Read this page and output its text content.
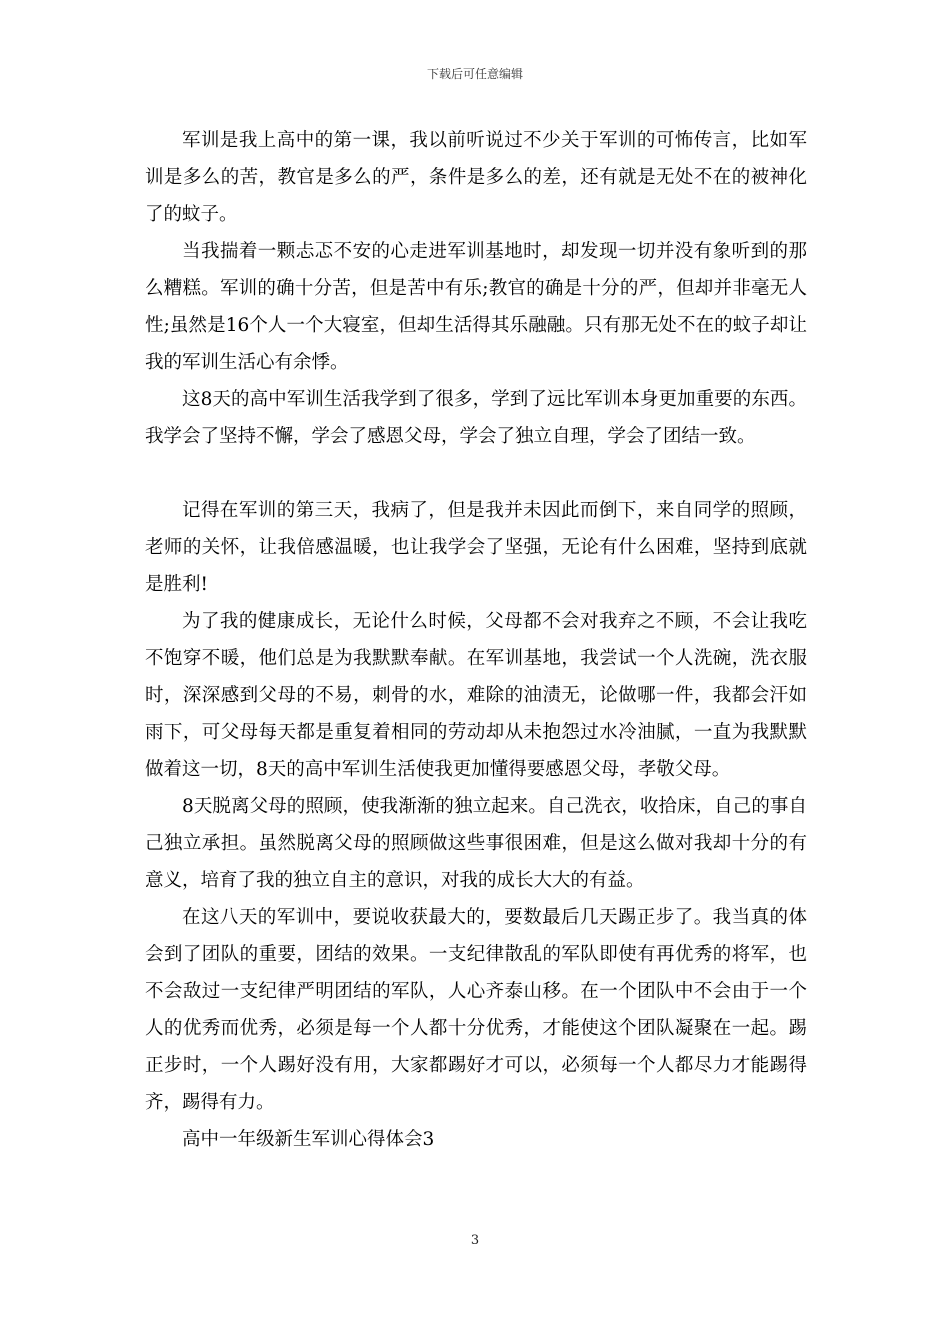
下载后可任意编辑

军训是我上高中的第一课，我以前听说过不少关于军训的可怖传言，比如军训是多么的苦，教官是多么的严，条件是多么的差，还有就是无处不在的被神化了的蚊子。

当我揣着一颗忐忑不安的心走进军训基地时，却发现一切并没有象听到的那么糟糕。军训的确十分苦，但是苦中有乐;教官的确是十分的严，但却并非毫无人性;虽然是16个人一个大寝室，但却生活得其乐融融。只有那无处不在的蚊子却让我的军训生活心有余悸。

这8天的高中军训生活我学到了很多，学到了远比军训本身更加重要的东西。我学会了坚持不懈，学会了感恩父母，学会了独立自理，学会了团结一致。

记得在军训的第三天，我病了，但是我并未因此而倒下，来自同学的照顾，老师的关怀，让我倍感温暖，也让我学会了坚强，无论有什么困难，坚持到底就是胜利!

为了我的健康成长，无论什么时候，父母都不会对我弃之不顾，不会让我吃不饱穿不暖，他们总是为我默默奉献。在军训基地，我尝试一个人洗碗，洗衣服时，深深感到父母的不易，刺骨的水，难除的油渍无，论做哪一件，我都会汗如雨下，可父母每天都是重复着相同的劳动却从未抱怨过水冷油腻，一直为我默默做着这一切，8天的高中军训生活使我更加懂得要感恩父母，孝敬父母。

8天脱离父母的照顾，使我渐渐的独立起来。自己洗衣，收拾床，自己的事自己独立承担。虽然脱离父母的照顾做这些事很困难，但是这么做对我却十分的有意义，培育了我的独立自主的意识，对我的成长大大的有益。

在这八天的军训中，要说收获最大的，要数最后几天踢正步了。我当真的体会到了团队的重要，团结的效果。一支纪律散乱的军队即使有再优秀的将军，也不会敌过一支纪律严明团结的军队，人心齐泰山移。在一个团队中不会由于一个人的优秀而优秀，必须是每一个人都十分优秀，才能使这个团队凝聚在一起。踢正步时，一个人踢好没有用，大家都踢好才可以，必须每一个人都尽力才能踢得齐，踢得有力。

高中一年级新生军训心得体会3

3
